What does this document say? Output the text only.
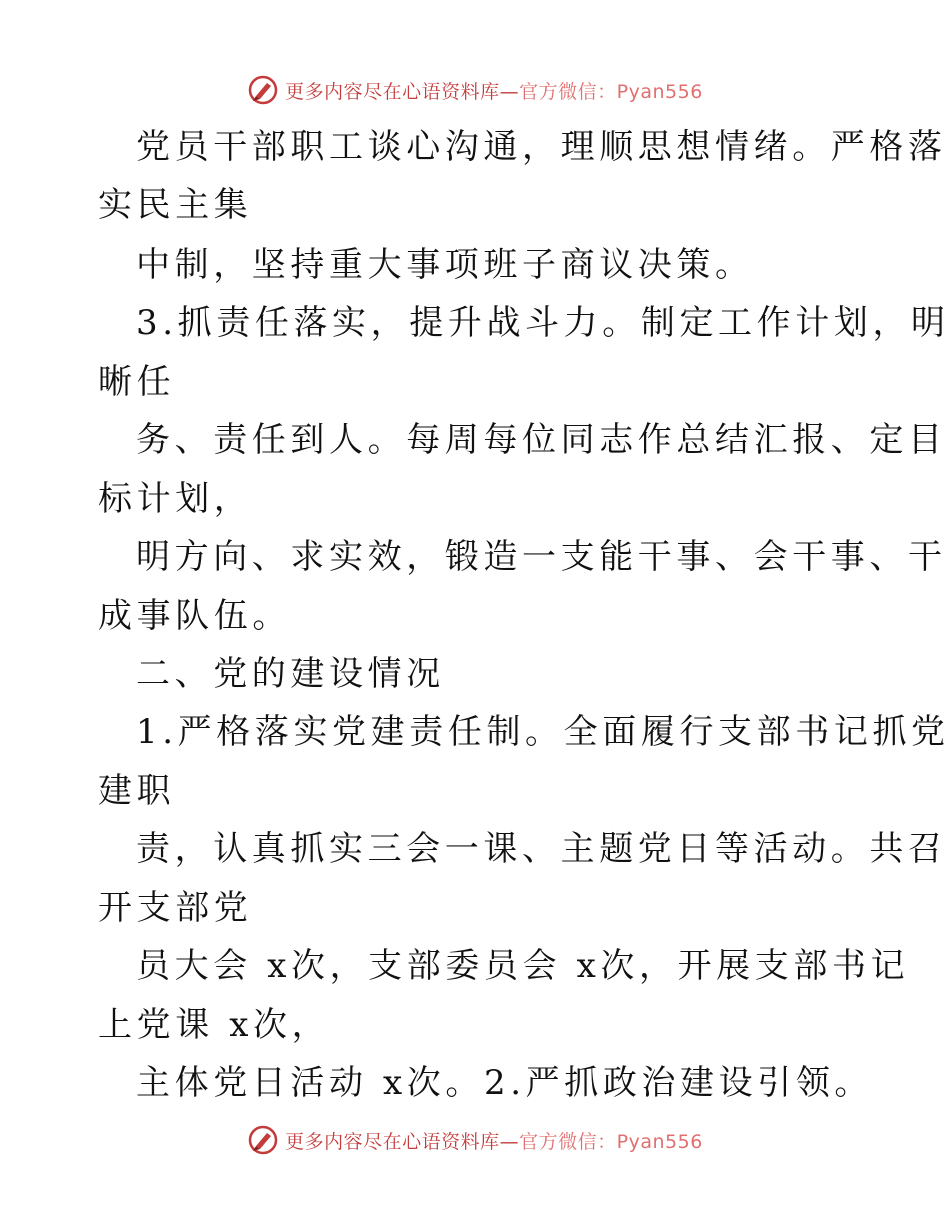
更多内容尽在心语资料库—官方微信：Pyan556
党员干部职工谈心沟通，理顺思想情绪。严格落
实民主集
中制，坚持重大事项班子商议决策。
3.抓责任落实，提升战斗力。制定工作计划，明
晰任
务、责任到人。每周每位同志作总结汇报、定目
标计划，
明方向、求实效，锻造一支能干事、会干事、干
成事队伍。
二、党的建设情况
1.严格落实党建责任制。全面履行支部书记抓党
建职
责，认真抓实三会一课、主题党日等活动。共召
开支部党
员大会 x次，支部委员会 x次，开展支部书记
上党课 x次，
主体党日活动 x次。2.严抓政治建设引领。
更多内容尽在心语资料库—官方微信：Pyan556
